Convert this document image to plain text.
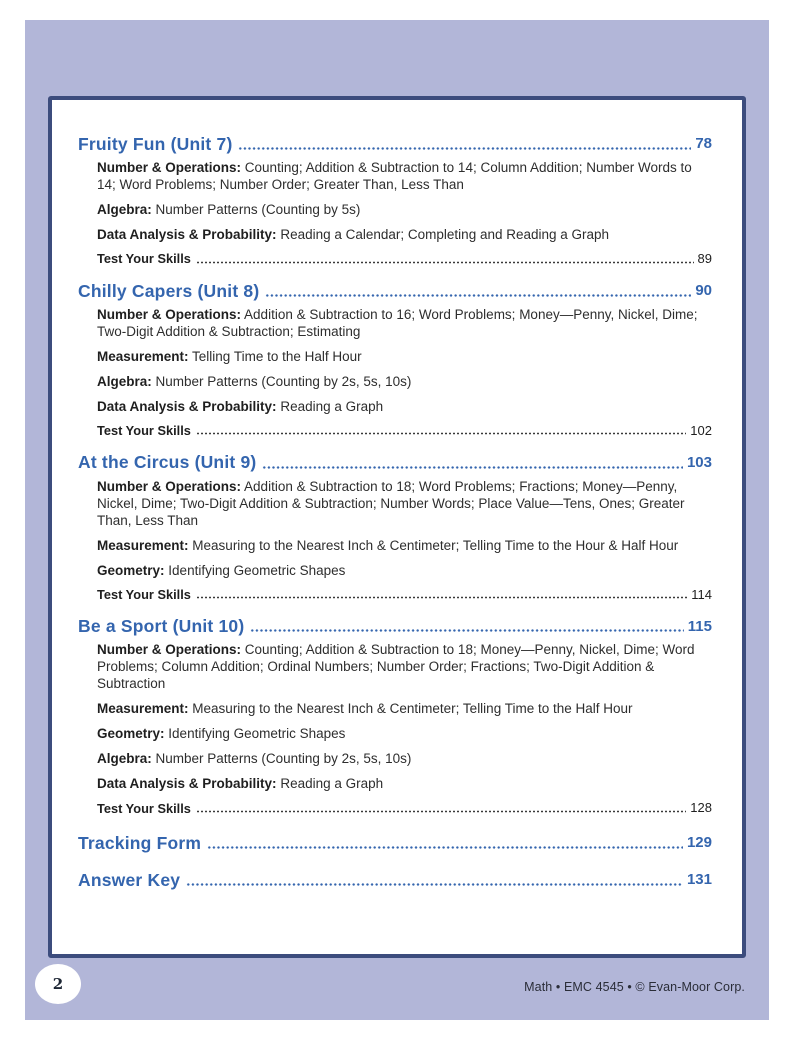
Fruity Fun (Unit 7)	78

Number & Operations: Counting; Addition & Subtraction to 14; Column Addition; Number Words to 14; Word Problems; Number Order; Greater Than, Less Than

Algebra: Number Patterns (Counting by 5s)

Data Analysis & Probability: Reading a Calendar; Completing and Reading a Graph

Test Your Skills	89
Chilly Capers (Unit 8)	90

Number & Operations: Addition & Subtraction to 16; Word Problems; Money—Penny, Nickel, Dime; Two-Digit Addition & Subtraction; Estimating

Measurement: Telling Time to the Half Hour

Algebra: Number Patterns (Counting by 2s, 5s, 10s)

Data Analysis & Probability: Reading a Graph

Test Your Skills	102
At the Circus (Unit 9)	103

Number & Operations: Addition & Subtraction to 18; Word Problems; Fractions; Money—Penny, Nickel, Dime; Two-Digit Addition & Subtraction; Number Words; Place Value—Tens, Ones; Greater Than, Less Than

Measurement: Measuring to the Nearest Inch & Centimeter; Telling Time to the Hour & Half Hour

Geometry: Identifying Geometric Shapes

Test Your Skills	114
Be a Sport (Unit 10)	115

Number & Operations: Counting; Addition & Subtraction to 18; Money—Penny, Nickel, Dime; Word Problems; Column Addition; Ordinal Numbers; Number Order; Fractions; Two-Digit Addition & Subtraction

Measurement: Measuring to the Nearest Inch & Centimeter; Telling Time to the Half Hour

Geometry: Identifying Geometric Shapes

Algebra: Number Patterns (Counting by 2s, 5s, 10s)

Data Analysis & Probability: Reading a Graph

Test Your Skills	128
Tracking Form	129
Answer Key	131
2	Math • EMC 4545 • © Evan-Moor Corp.
